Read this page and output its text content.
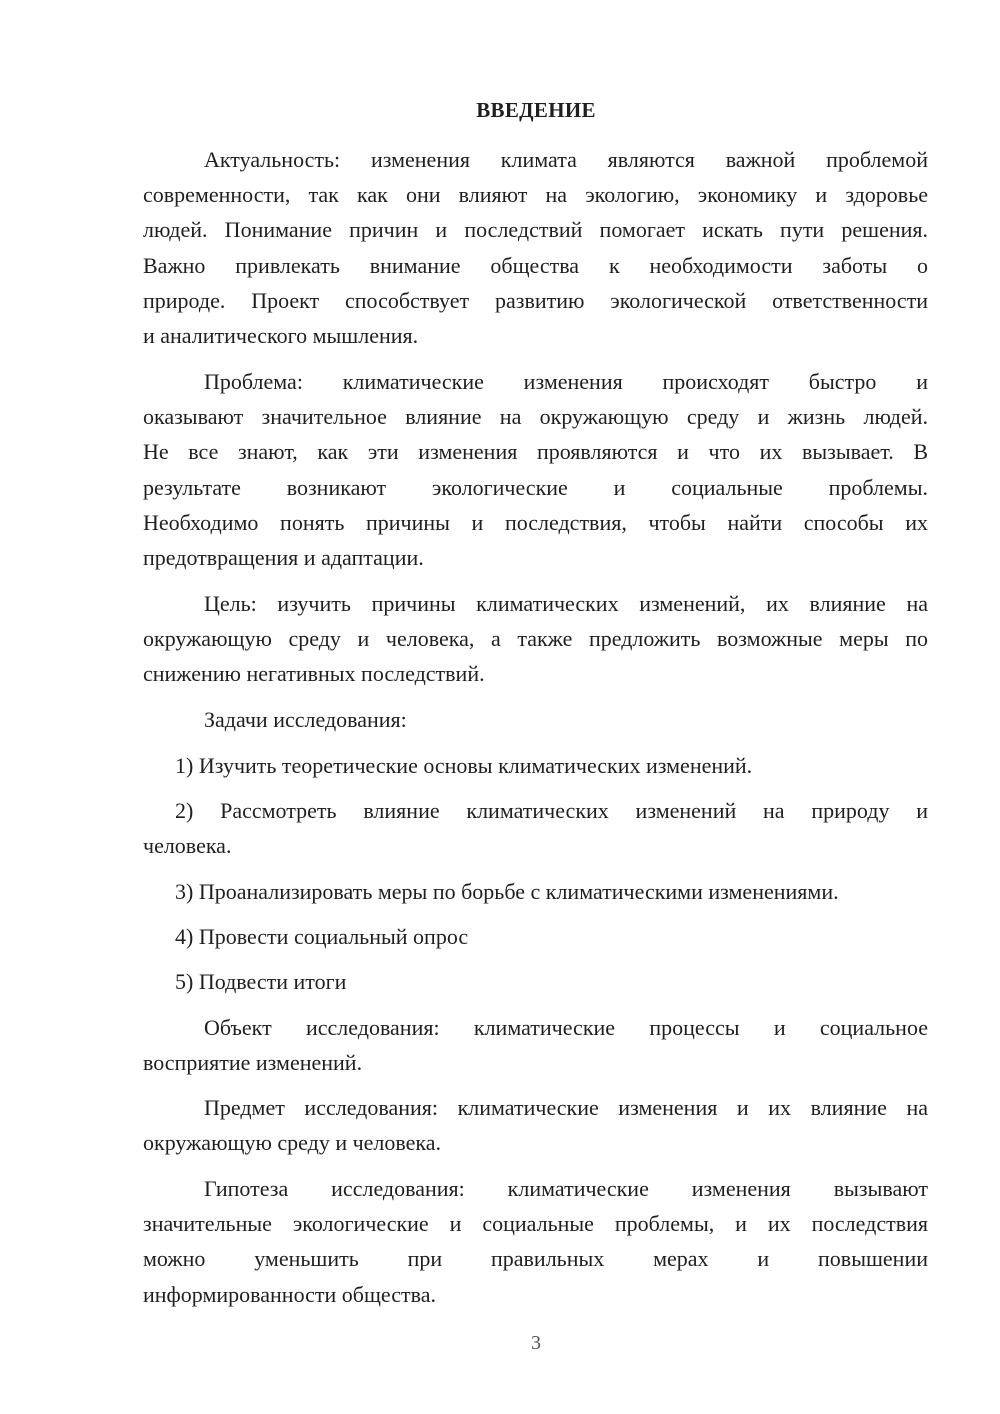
ВВЕДЕНИЕ
Актуальность: изменения климата являются важной проблемой
современности, так как они влияют на экологию, экономику и здоровье
людей. Понимание причин и последствий помогает искать пути решения.
Важно привлекать внимание общества к необходимости заботы о
природе. Проект способствует развитию экологической ответственности
и аналитического мышления.
Проблема: климатические изменения происходят быстро и
оказывают значительное влияние на окружающую среду и жизнь людей.
Не все знают, как эти изменения проявляются и что их вызывает. В
результате возникают экологические и социальные проблемы.
Необходимо понять причины и последствия, чтобы найти способы их
предотвращения и адаптации.
Цель: изучить причины климатических изменений, их влияние на
окружающую среду и человека, а также предложить возможные меры по
снижению негативных последствий.
Задачи исследования:
1) Изучить теоретические основы климатических изменений.
2) Рассмотреть влияние климатических изменений на природу и
человека.
3) Проанализировать меры по борьбе с климатическими изменениями.
4) Провести социальный опрос
5) Подвести итоги
Объект исследования: климатические процессы и социальное
восприятие изменений.
Предмет исследования: климатические изменения и их влияние на
окружающую среду и человека.
Гипотеза исследования: климатические изменения вызывают
значительные экологические и социальные проблемы, и их последствия
можно уменьшить при правильных мерах и повышении
информированности общества.
3
